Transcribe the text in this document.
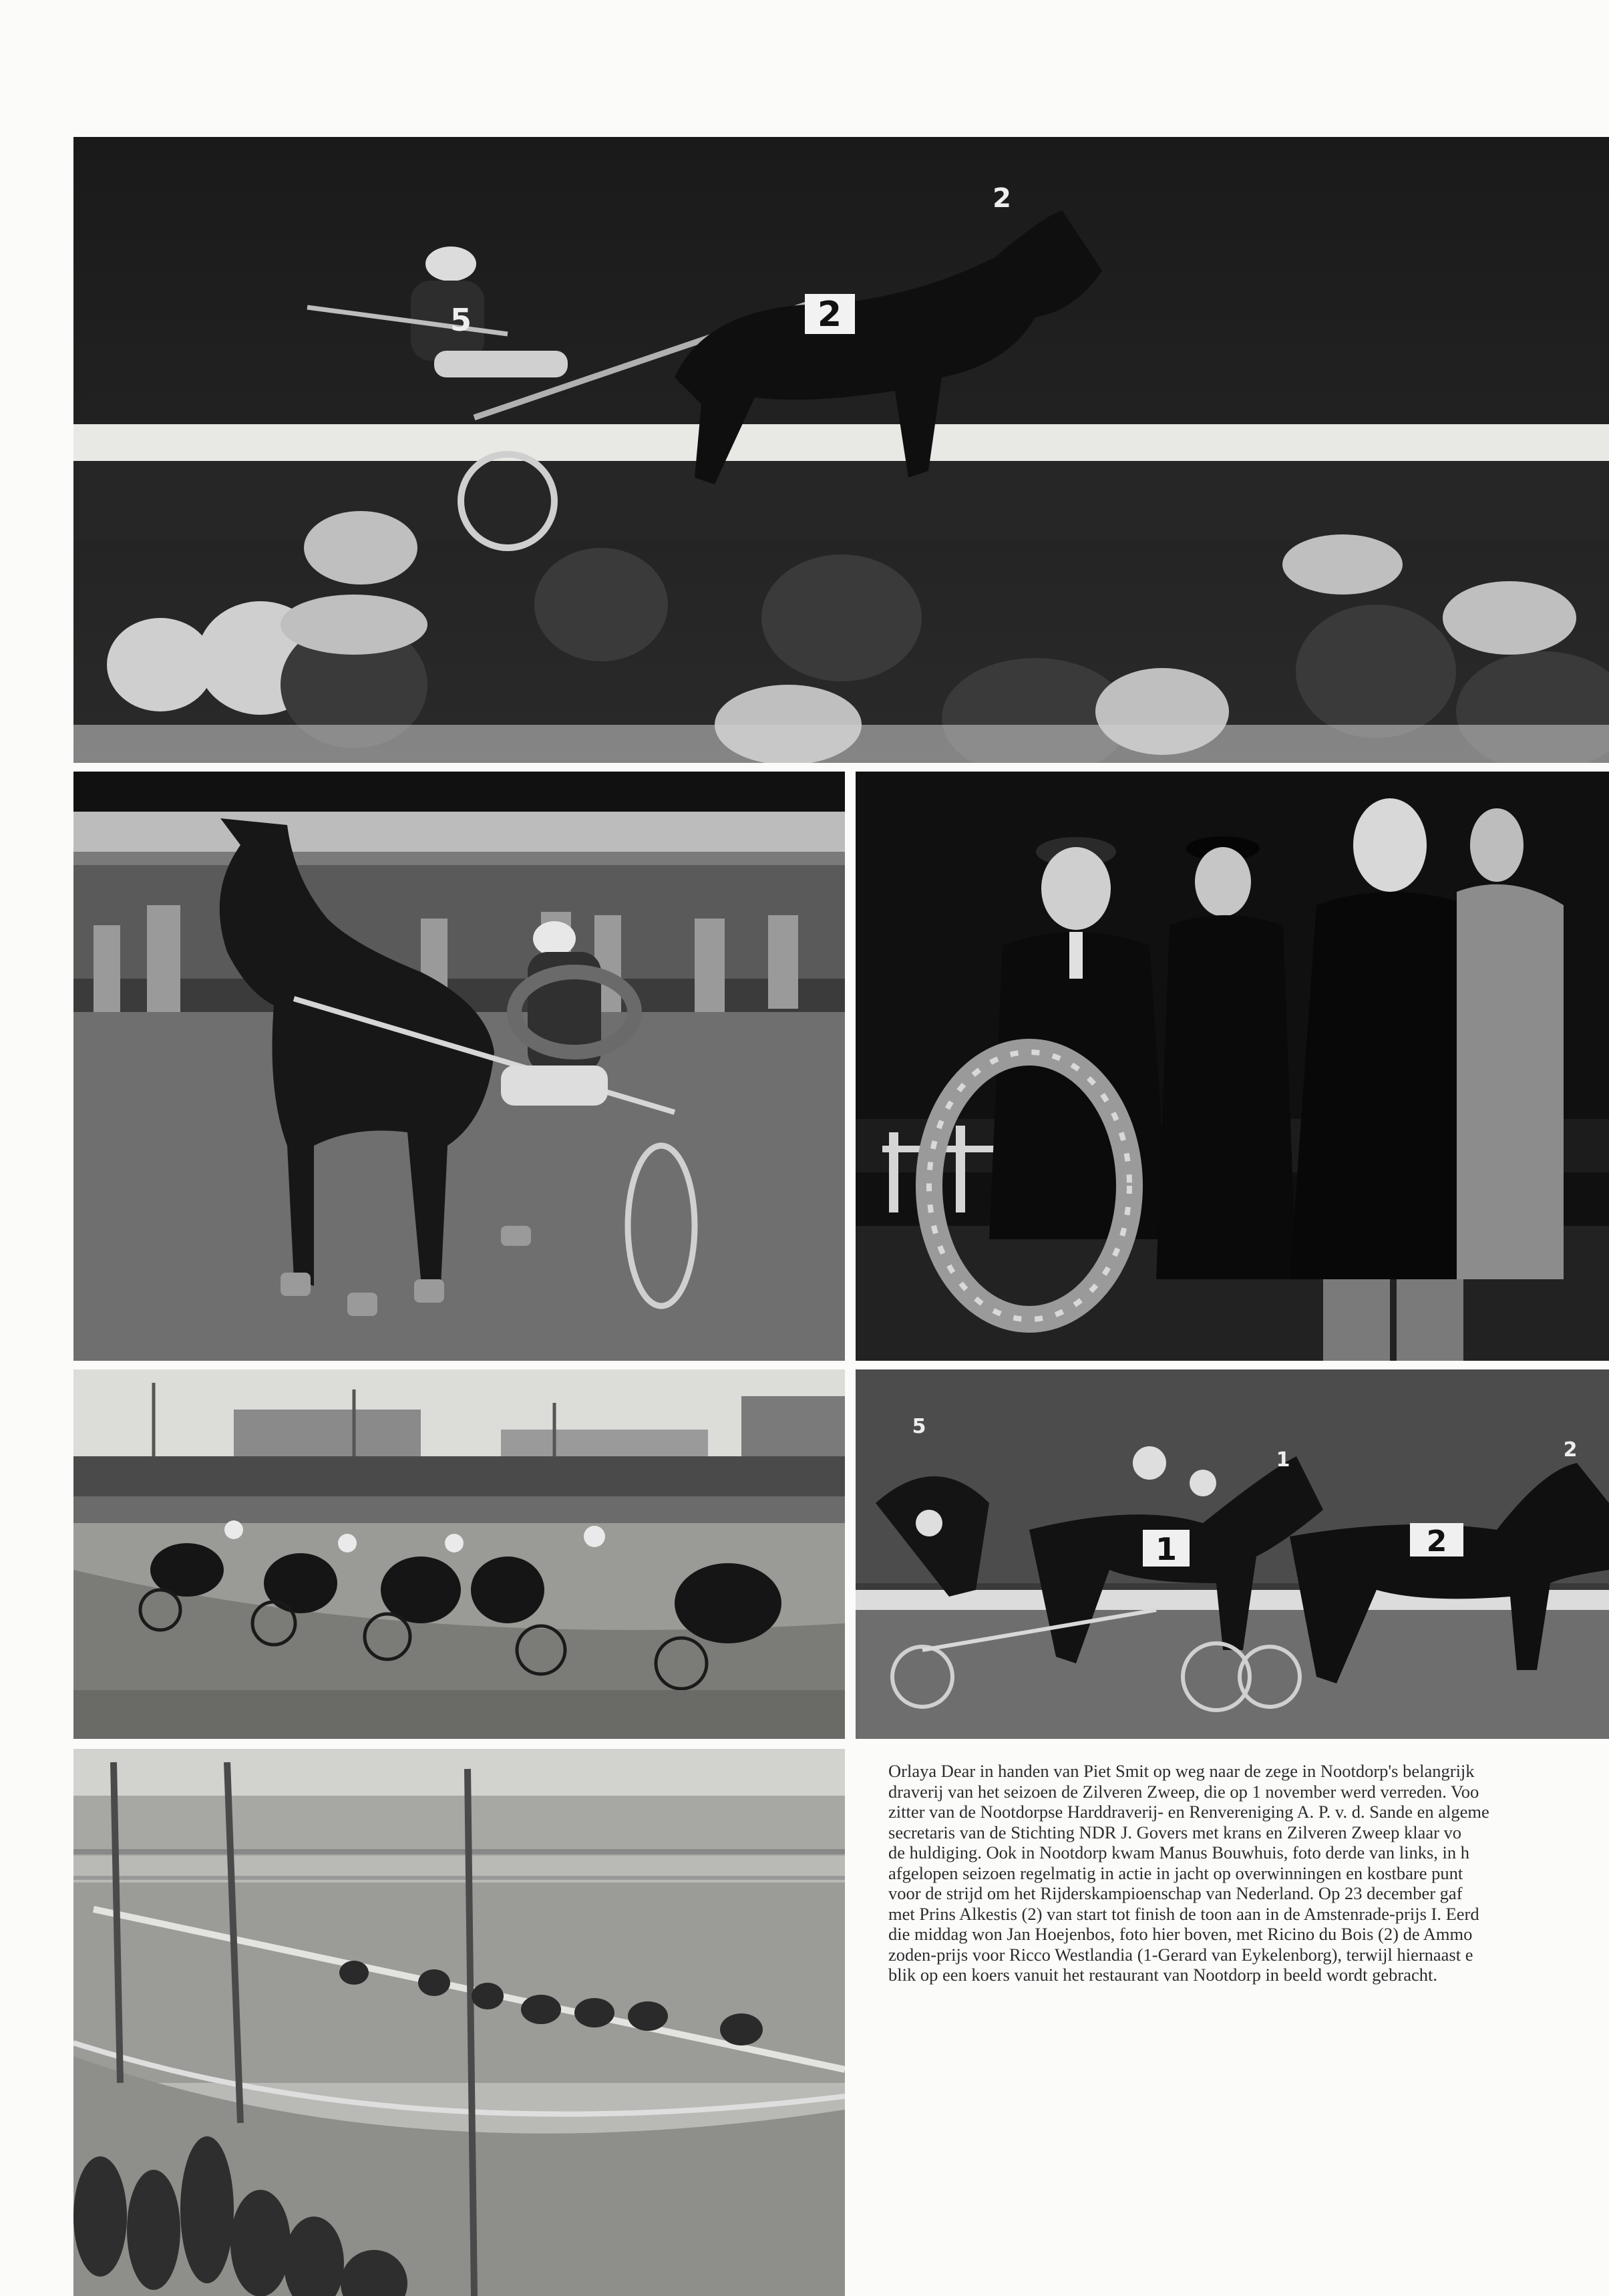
2
2
5
1	2
5
1	2
Orlaya Dear in handen van Piet Smit op weg naar de zege in Nootdorp's belangrijk
draverij van het seizoen de Zilveren Zweep, die op 1 november werd verreden. Voo
zitter van de Nootdorpse Harddraverij- en Renvereniging A. P. v. d. Sande en algeme
secretaris van de Stichting NDR J. Govers met krans en Zilveren Zweep klaar vo
de huldiging. Ook in Nootdorp kwam Manus Bouwhuis, foto derde van links, in h
afgelopen seizoen regelmatig in actie in jacht op overwinningen en kostbare punt
voor de strijd om het Rijderskampioenschap van Nederland. Op 23 december gaf
met Prins Alkestis (2) van start tot finish de toon aan in de Amstenrade-prijs I. Eerd
die middag won Jan Hoejenbos, foto hier boven, met Ricino du Bois (2) de Ammo
zoden-prijs voor Ricco Westlandia (1-Gerard van Eykelenborg), terwijl hiernaast e
blik op een koers vanuit het restaurant van Nootdorp in beeld wordt gebracht.
